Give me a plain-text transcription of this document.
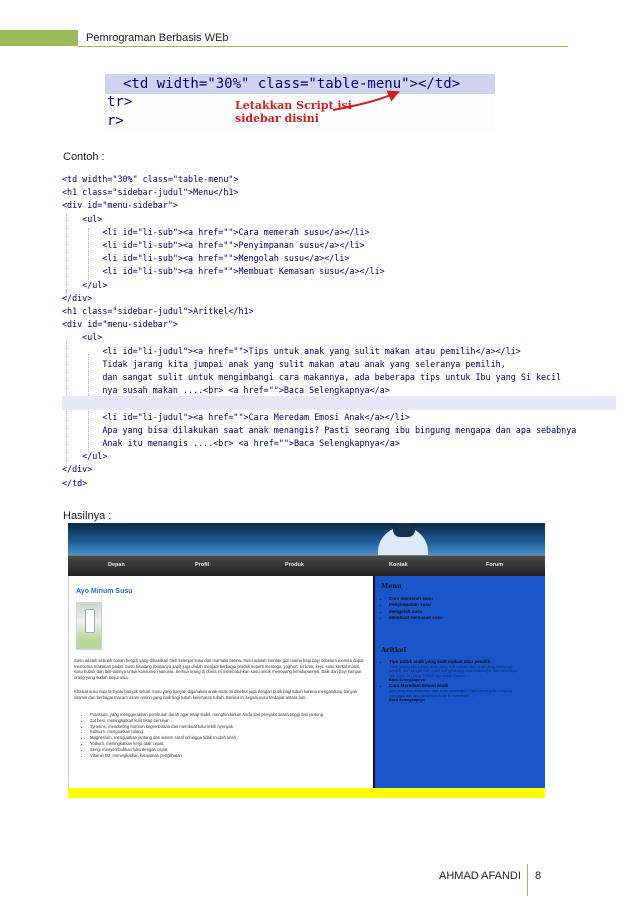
Pemrograman Berbasis WEb
<td width="30%" class="table-menu"></td>
tr>
r>
Letakkan Script isi
sidebar disini
Contoh :
<td width="30%" class="table-menu">
<h1 class="sidebar-judul">Menu</h1>
<div id="menu-sidebar">
<ul>
<li id="li-sub"><a href="">Cara memerah susu</a></li>
<li id="li-sub"><a href="">Penyimpanan susu</a></li>
<li id="li-sub"><a href="">Mengolah susu</a></li>
<li id="li-sub"><a href="">Membuat Kemasan susu</a></li>
</ul>
</div>
<h1 class="sidebar-judul">Aritkel</h1>
<div id="menu-sidebar">
<ul>
<li id="li-judul"><a href="">Tips untuk anak yang sulit makan atau pemilih</a></li>
Tidak jarang kita jumpai anak yang sulit makan atau anak yang seleranya pemilih,
dan sangat sulit untuk mengimbangi cara makannya, ada beberapa tips untuk Ibu yang Si kecil
nya susah makan ....<br> <a href="">Baca Selengkapnya</a>
<li id="li-judul"><a href="">Cara Meredam Emosi Anak</a></li>
Apa yang bisa dilakukan saat anak menangis? Pasti seorang ibu bingung mengapa dan apa sebabnya
Anak itu menangis ....<br> <a href="">Baca Selengkapnya</a>
</ul>
</div>
</td>
Hasilnya :
Depan	Profil	Produk	Kontak	Forum
Ayo Minum Susu
Susu adalah sebuah cairan bergizi yang dihasilkan oleh kelenjar susu dari mamalia betina. Susu adalah sumber gizi utama bagi bayi sebelum mereka dapat mencerna makanan padat. Susu binatang (biasanya sapi) juga diolah menjadi berbagai produk seperti mentega, yoghurt, es krim, keju, susu kental manis, susu bubuk dan lain-lainnya untuk konsumsi manusia. Semua orang di dunia ini membutuhkan susu untuk menopang kehidupannya. Baik dari bayi sampai orang yang sudah lanjut usia.
Khasiat susu sapi ternyata banyak sekali. Susu yang banyak diganakan anak-anak ini disebut juga dengan putih bagi tubuh karena mengandung banyak vitamin dan berbagai macam asam amino yang baik bagi tubuh kesehatan tubuh. Berikut ini segala susu terdapat antara lain:
• Potasium, yang menggerakkan pembuluh darah agar tetap stabil, menghindarkan Anda dari penyakit darah tinggi dan jantung.
• Zat besi, meningkatkan kulit tetap bersinar.
• Tyrosine, mendorong hormon kegembiraan dan membuat tidur lebih nyenyak.
• Kalsium, menguatkan tulang.
• Magnesium, menguatkan jantung dan sistem saraf sehingga tidak mudah lelah.
• Yodium, meningkatkan kerja otak cepat.
• Seng, menyembuhkan luka dengan cepat.
• Vitamin B2, meningkatkan ketajaman penglihatan.
Menu
• Cara memerah susu
• Penyimpanan susu
• Mengolah susu
• Membuat Kemasan susu
Aritkel
• Tips untuk anak yang sulit makan atau pemilih
Tidak jarang kita jumpai anak yang sulit makan atau anak yang seleranya pemilih, dan sangat sulit untuk mengimbangi cara makannya, ada beberapa tips untuk Ibu yang Si kecil nya susah makan ....
Baca Selengkapnya
• Cara Meredam Emosi Anak
Apa yang bisa dilakukan saat anak menangis? Pasti seorang ibu bingung mengapa dan apa sebabnya Anak itu menangis ....
Baca Selengkapnya
AHMAD AFANDI 8
